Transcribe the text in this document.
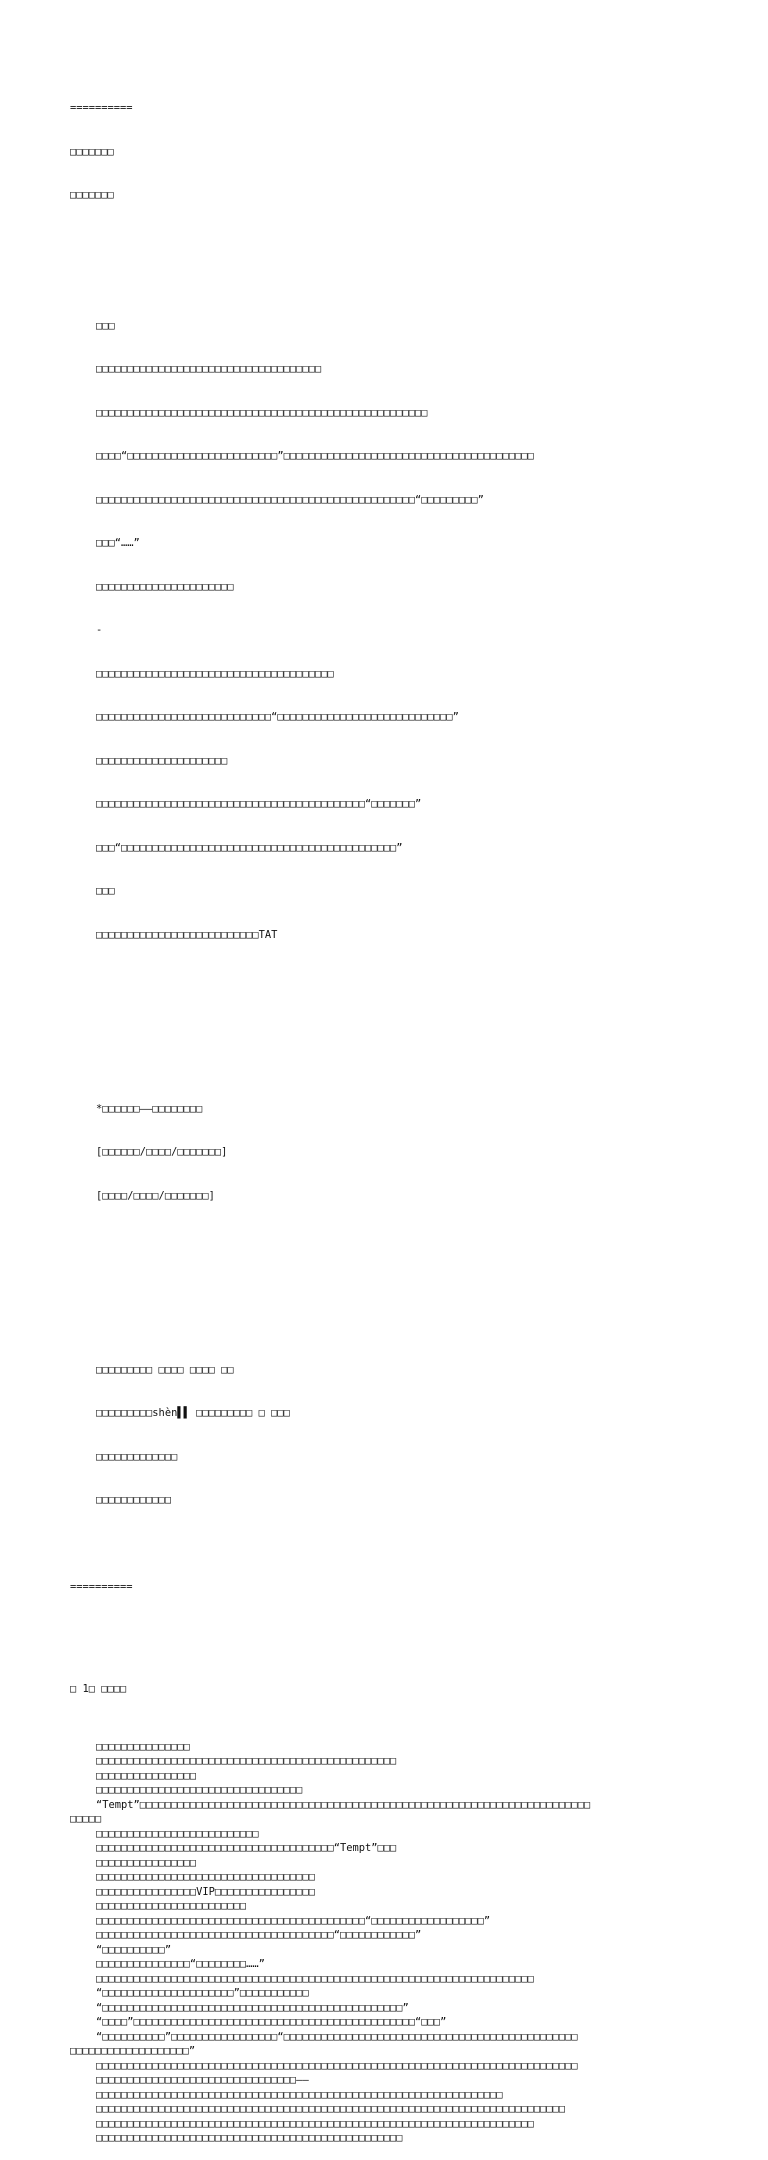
==========

□□□□□□□

□□□□□□□

□□□

□□□□□□□□□□□□□□□□□□□□□□□□□□□□□□□□□□□□

□□□□□□□□□□□□□□□□□□□□□□□□□□□□□□□□□□□□□□□□□□□□□□□□□□□□□

□□□□“□□□□□□□□□□□□□□□□□□□□□□□□”□□□□□□□□□□□□□□□□□□□□□□□□□□□□□□□□□□□□□□□□

□□□□□□□□□□□□□□□□□□□□□□□□□□□□□□□□□□□□□□□□□□□□□□□□□□□“□□□□□□□□□”

□□□“……”

□□□□□□□□□□□□□□□□□□□□□□

-

□□□□□□□□□□□□□□□□□□□□□□□□□□□□□□□□□□□□□□

□□□□□□□□□□□□□□□□□□□□□□□□□□□□“□□□□□□□□□□□□□□□□□□□□□□□□□□□□”

□□□□□□□□□□□□□□□□□□□□□

□□□□□□□□□□□□□□□□□□□□□□□□□□□□□□□□□□□□□□□□□□□“□□□□□□□”

□□□“□□□□□□□□□□□□□□□□□□□□□□□□□□□□□□□□□□□□□□□□□□□□”

□□□

□□□□□□□□□□□□□□□□□□□□□□□□□□TAT

*□□□□□□——□□□□□□□□

[□□□□□□/□□□□/□□□□□□□]

[□□□□/□□□□/□□□□□□□]

□□□□□□□□□ □□□□ □□□□ □□

□□□□□□□□□shèn▌▌ □□□□□□□□□ □ □□□

□□□□□□□□□□□□□

□□□□□□□□□□□□

==========

□ 1□ □□□□

□□□□□□□□□□□□□□□
□□□□□□□□□□□□□□□□□□□□□□□□□□□□□□□□□□□□□□□□□□□□□□□□
□□□□□□□□□□□□□□□□
□□□□□□□□□□□□□□□□□□□□□□□□□□□□□□□□□
“Tempt”□□□□□□□□□□□□□□□□□□□□□□□□□□□□□□□□□□□□□□□□□□□□□□□□□□□□□□□□□□□□□□□□□□□□□□□□
□□□□□
□□□□□□□□□□□□□□□□□□□□□□□□□□
□□□□□□□□□□□□□□□□□□□□□□□□□□□□□□□□□□□□□□“Tempt”□□□
□□□□□□□□□□□□□□□□
□□□□□□□□□□□□□□□□□□□□□□□□□□□□□□□□□□□
□□□□□□□□□□□□□□□□VIP□□□□□□□□□□□□□□□□
□□□□□□□□□□□□□□□□□□□□□□□□
□□□□□□□□□□□□□□□□□□□□□□□□□□□□□□□□□□□□□□□□□□□“□□□□□□□□□□□□□□□□□□”
□□□□□□□□□□□□□□□□□□□□□□□□□□□□□□□□□□□□□□“□□□□□□□□□□□□”
“□□□□□□□□□□”
□□□□□□□□□□□□□□□“□□□□□□□□……”
□□□□□□□□□□□□□□□□□□□□□□□□□□□□□□□□□□□□□□□□□□□□□□□□□□□□□□□□□□□□□□□□□□□□□□
“□□□□□□□□□□□□□□□□□□□□□”□□□□□□□□□□□
“□□□□□□□□□□□□□□□□□□□□□□□□□□□□□□□□□□□□□□□□□□□□□□□□”
“□□□□”□□□□□□□□□□□□□□□□□□□□□□□□□□□□□□□□□□□□□□□□□□□□□“□□□”
“□□□□□□□□□□”□□□□□□□□□□□□□□□□□“□□□□□□□□□□□□□□□□□□□□□□□□□□□□□□□□□□□□□□□□□□□□□□□
□□□□□□□□□□□□□□□□□□□”
□□□□□□□□□□□□□□□□□□□□□□□□□□□□□□□□□□□□□□□□□□□□□□□□□□□□□□□□□□□□□□□□□□□□□□□□□□□□□
□□□□□□□□□□□□□□□□□□□□□□□□□□□□□□□□——
□□□□□□□□□□□□□□□□□□□□□□□□□□□□□□□□□□□□□□□□□□□□□□□□□□□□□□□□□□□□□□□□□
□□□□□□□□□□□□□□□□□□□□□□□□□□□□□□□□□□□□□□□□□□□□□□□□□□□□□□□□□□□□□□□□□□□□□□□□□□□
□□□□□□□□□□□□□□□□□□□□□□□□□□□□□□□□□□□□□□□□□□□□□□□□□□□□□□□□□□□□□□□□□□□□□□
□□□□□□□□□□□□□□□□□□□□□□□□□□□□□□□□□□□□□□□□□□□□□□□□□
